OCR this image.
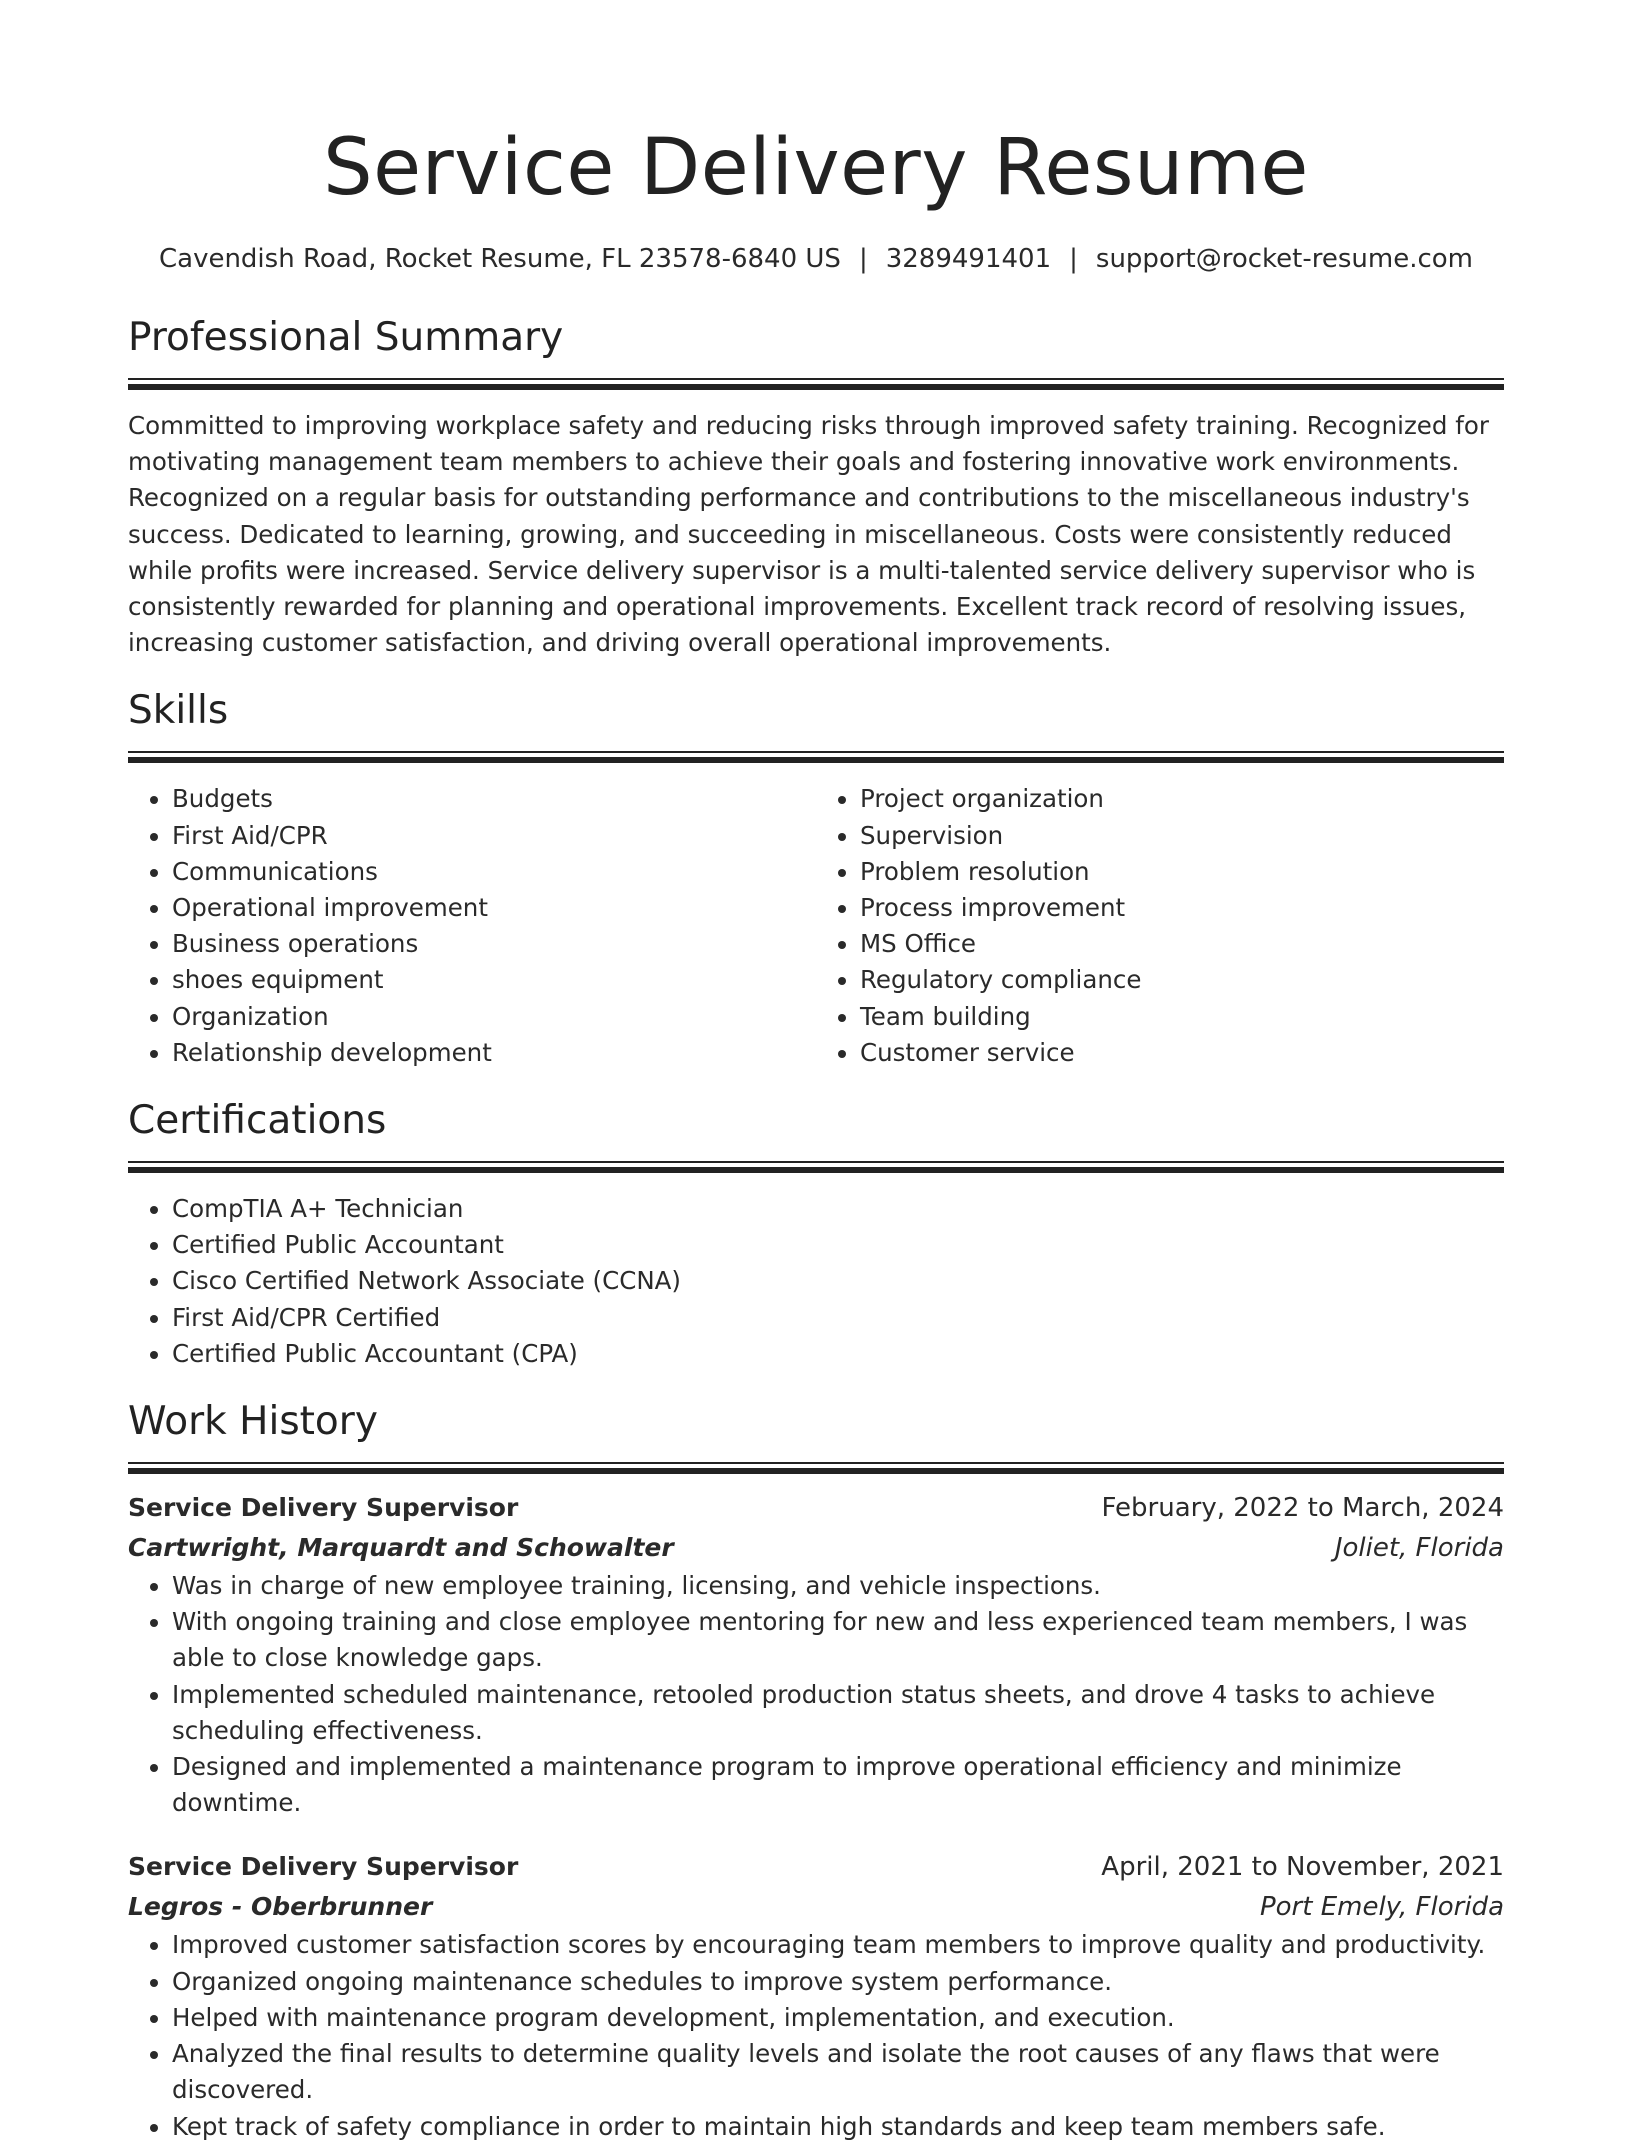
Service Delivery Resume
Cavendish Road, Rocket Resume, FL 23578-6840 US | 3289491401 | support@rocket-resume.com
Professional Summary
Committed to improving workplace safety and reducing risks through improved safety training. Recognized for motivating management team members to achieve their goals and fostering innovative work environments. Recognized on a regular basis for outstanding performance and contributions to the miscellaneous industry's success. Dedicated to learning, growing, and succeeding in miscellaneous. Costs were consistently reduced while profits were increased. Service delivery supervisor is a multi-talented service delivery supervisor who is consistently rewarded for planning and operational improvements. Excellent track record of resolving issues, increasing customer satisfaction, and driving overall operational improvements.
Skills
• Budgets
• First Aid/CPR
• Communications
• Operational improvement
• Business operations
• shoes equipment
• Organization
• Relationship development
• Project organization
• Supervision
• Problem resolution
• Process improvement
• MS Office
• Regulatory compliance
• Team building
• Customer service
Certifications
• CompTIA A+ Technician
• Certified Public Accountant
• Cisco Certified Network Associate (CCNA)
• First Aid/CPR Certified
• Certified Public Accountant (CPA)
Work History
Service Delivery Supervisor	February, 2022 to March, 2024
Cartwright, Marquardt and Schowalter	Joliet, Florida
• Was in charge of new employee training, licensing, and vehicle inspections.
• With ongoing training and close employee mentoring for new and less experienced team members, I was able to close knowledge gaps.
• Implemented scheduled maintenance, retooled production status sheets, and drove 4 tasks to achieve scheduling effectiveness.
• Designed and implemented a maintenance program to improve operational efficiency and minimize downtime.
Service Delivery Supervisor	April, 2021 to November, 2021
Legros - Oberbrunner	Port Emely, Florida
• Improved customer satisfaction scores by encouraging team members to improve quality and productivity.
• Organized ongoing maintenance schedules to improve system performance.
• Helped with maintenance program development, implementation, and execution.
• Analyzed the final results to determine quality levels and isolate the root causes of any flaws that were discovered.
• Kept track of safety compliance in order to maintain high standards and keep team members safe.
